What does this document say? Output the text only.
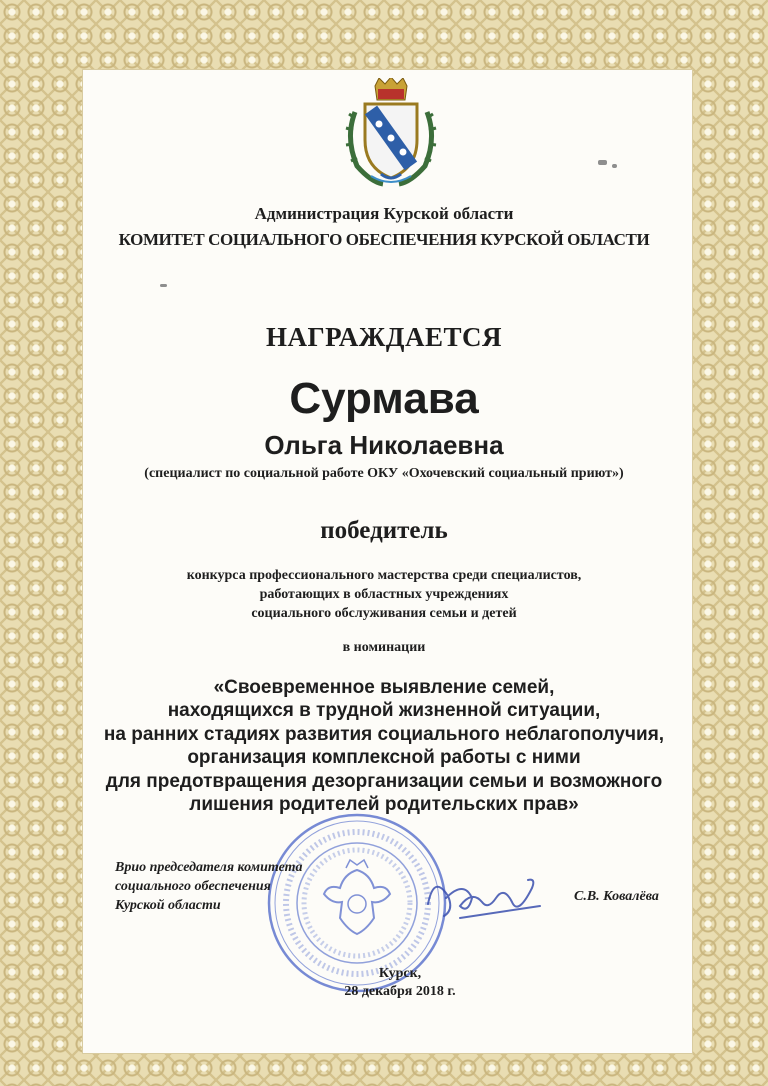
Администрация Курской области
КОМИТЕТ СОЦИАЛЬНОГО ОБЕСПЕЧЕНИЯ КУРСКОЙ ОБЛАСТИ
НАГРАЖДАЕТСЯ
Сурмава
Ольга Николаевна
(специалист по социальной работе ОКУ «Охочевский социальный приют»)
победитель
конкурса профессионального мастерства среди специалистов,
работающих в областных учреждениях
социального обслуживания семьи и детей
в номинации
«Своевременное выявление семей,
находящихся в трудной жизненной ситуации,
на ранних стадиях развития социального неблагополучия,
организация комплексной работы с ними
для предотвращения дезорганизации семьи и возможного
лишения родителей родительских прав»
Врио председателя комитета
социального обеспечения
Курской области
С.В. Ковалёва
Курск,
28 декабря 2018 г.
